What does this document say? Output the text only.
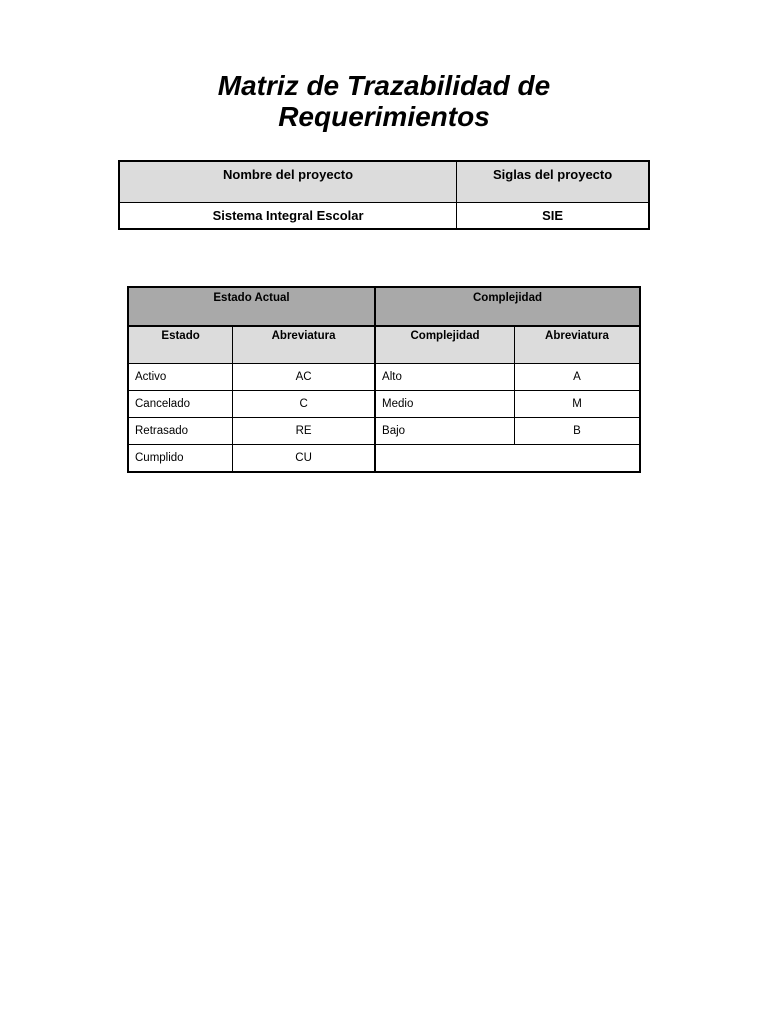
Matriz de Trazabilidad de
Requerimientos
Nombre del proyecto	Siglas del proyecto
Sistema Integral Escolar	SIE
Estado Actual		Complejidad	
Estado	Abreviatura	Complejidad	Abreviatura
Activo	AC	Alto	A
Cancelado	C	Medio	M
Retrasado	RE	Bajo	B
Cumplido	CU		
